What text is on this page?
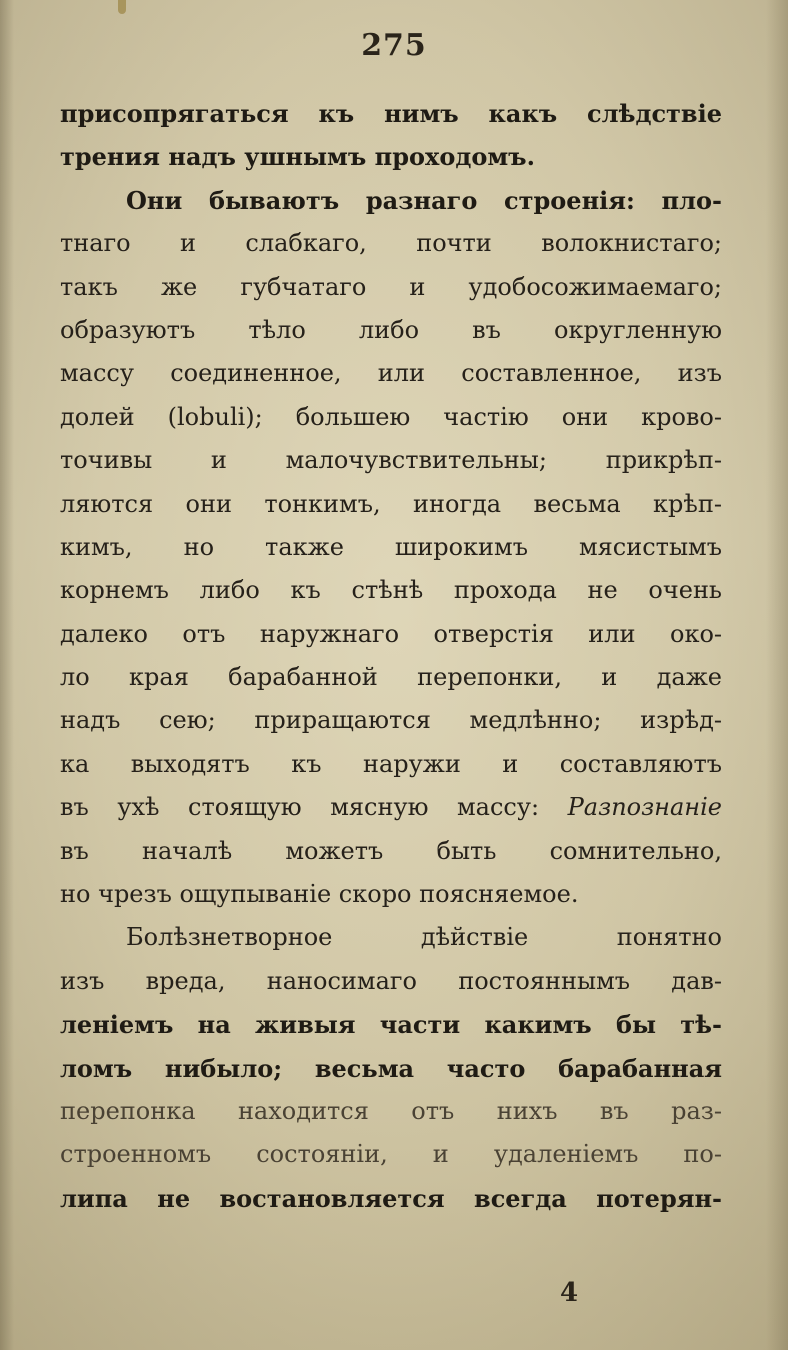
275
присопрягаться къ нимъ какъ слѣдствіе
трения надъ ушнымъ проходомъ.
Они бываютъ разнаго строенія: пло-
тнаго и слабкаго, почти волокнистаго;
такъ же губчатаго и удобосожимаемаго;
образуютъ тѣло либо въ округленную
массу соединенное, или составленное, изъ
долей (lobuli); большею частію они крово-
точивы и малочувствительны; прикрѣп-
ляются они тонкимъ, иногда весьма крѣп-
кимъ, но также широкимъ мясистымъ
корнемъ либо къ стѣнѣ прохода не очень
далеко отъ наружнаго отверстія или око-
ло края барабанной перепонки, и даже
надъ сею; приращаются медлѣнно; изрѣд-
ка выходятъ къ наружи и составляютъ
въ ухѣ стоящую мясную массу: Разпознаніе
въ началѣ можетъ быть сомнительно,
но чрезъ ощупываніе скоро поясняемое.
Болѣзнетворное дѣйствіе понятно
изъ вреда, наносимаго постояннымъ дав-
леніемъ на живыя части какимъ бы тѣ-
ломъ нибыло; весьма часто барабанная
перепонка находится отъ нихъ въ раз-
строенномъ состояніи, и удаленіемъ по-
липа не востановляется всегда потерян-
4
